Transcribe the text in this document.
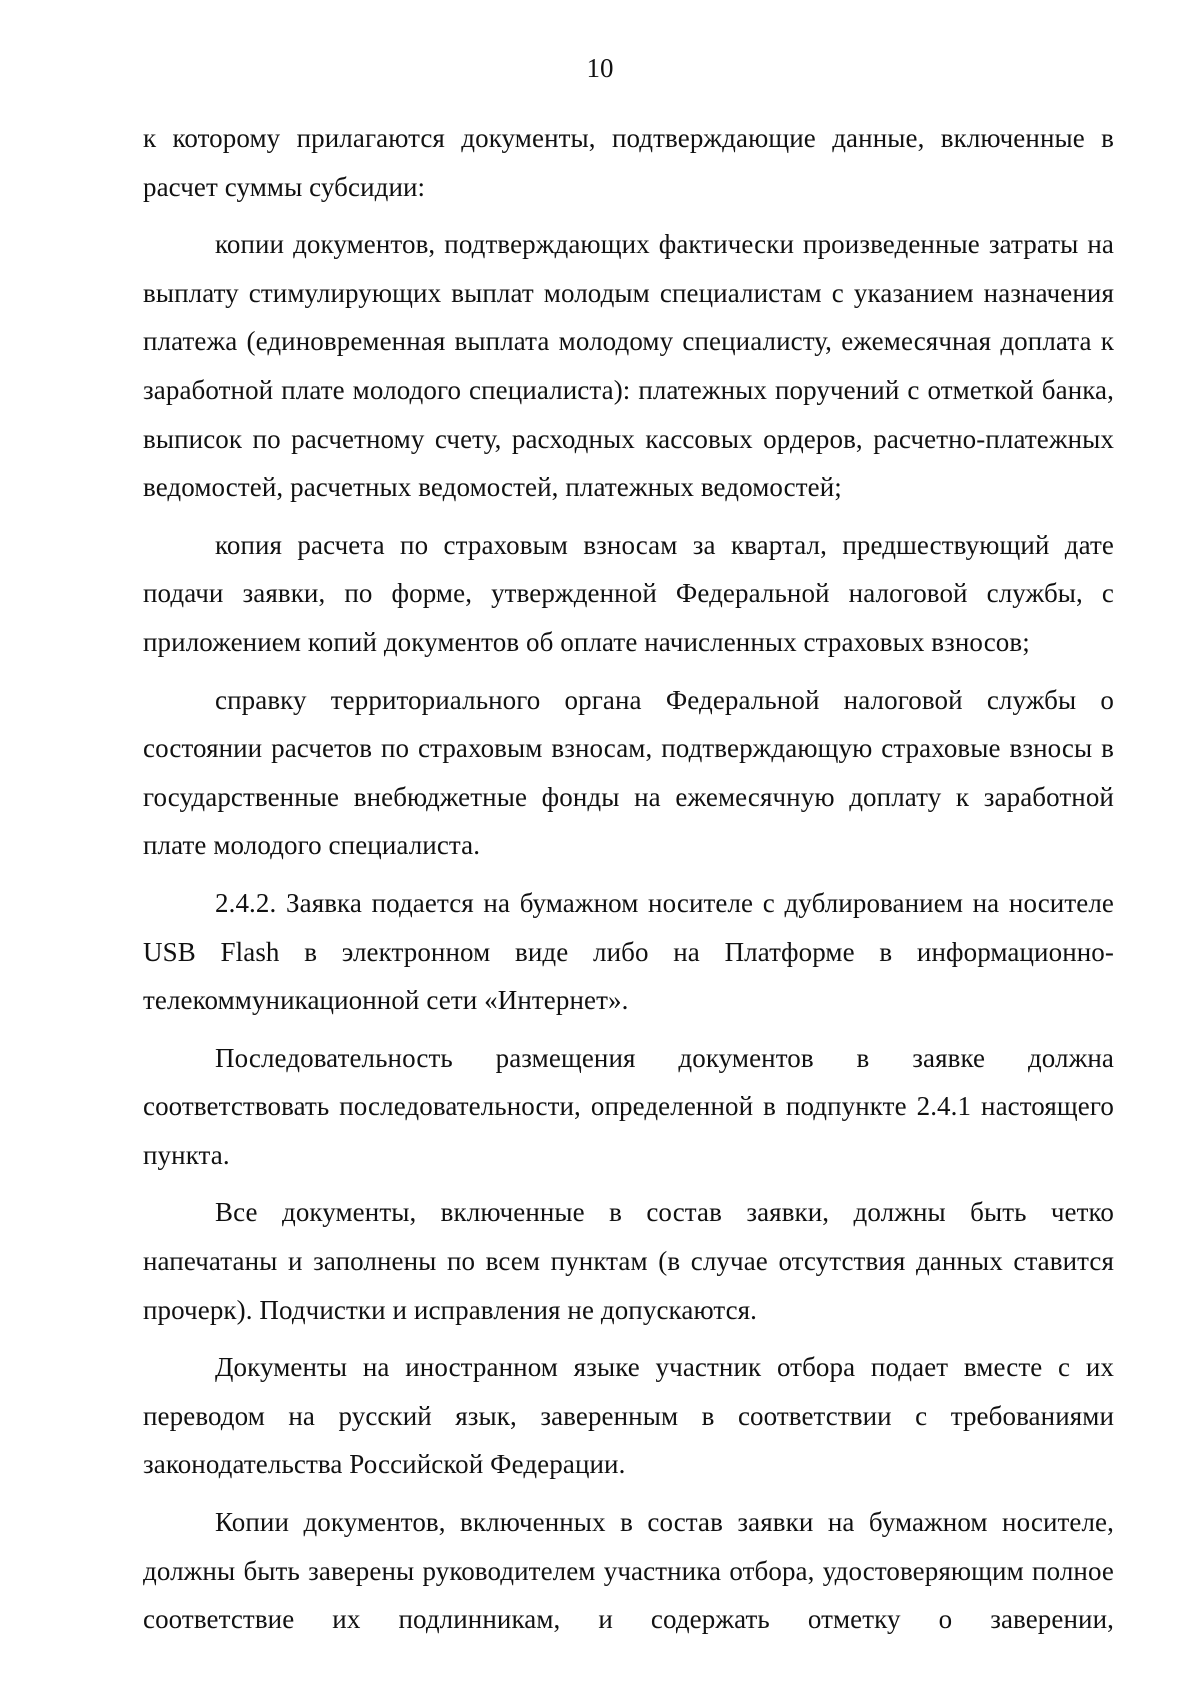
10

к которому прилагаются документы, подтверждающие данные, включенные в расчет суммы субсидии:

копии документов, подтверждающих фактически произведенные затраты на выплату стимулирующих выплат молодым специалистам с указанием назначения платежа (единовременная выплата молодому специалисту, ежемесячная доплата к заработной плате молодого специалиста): платежных поручений с отметкой банка, выписок по расчетному счету, расходных кассовых ордеров, расчетно-платежных ведомостей, расчетных ведомостей, платежных ведомостей;

копия расчета по страховым взносам за квартал, предшествующий дате подачи заявки, по форме, утвержденной Федеральной налоговой службы, с приложением копий документов об оплате начисленных страховых взносов;

справку территориального органа Федеральной налоговой службы о состоянии расчетов по страховым взносам, подтверждающую страховые взносы в государственные внебюджетные фонды на ежемесячную доплату к заработной плате молодого специалиста.

2.4.2. Заявка подается на бумажном носителе с дублированием на носителе USB Flash в электронном виде либо на Платформе в информационно-телекоммуникационной сети «Интернет».

Последовательность размещения документов в заявке должна соответствовать последовательности, определенной в подпункте 2.4.1 настоящего пункта.

Все документы, включенные в состав заявки, должны быть четко напечатаны и заполнены по всем пунктам (в случае отсутствия данных ставится прочерк). Подчистки и исправления не допускаются.

Документы на иностранном языке участник отбора подает вместе с их переводом на русский язык, заверенным в соответствии с требованиями законодательства Российской Федерации.

Копии документов, включенных в состав заявки на бумажном носителе, должны быть заверены руководителем участника отбора, удостоверяющим полное соответствие их подлинникам, и содержать отметку о заверении,
